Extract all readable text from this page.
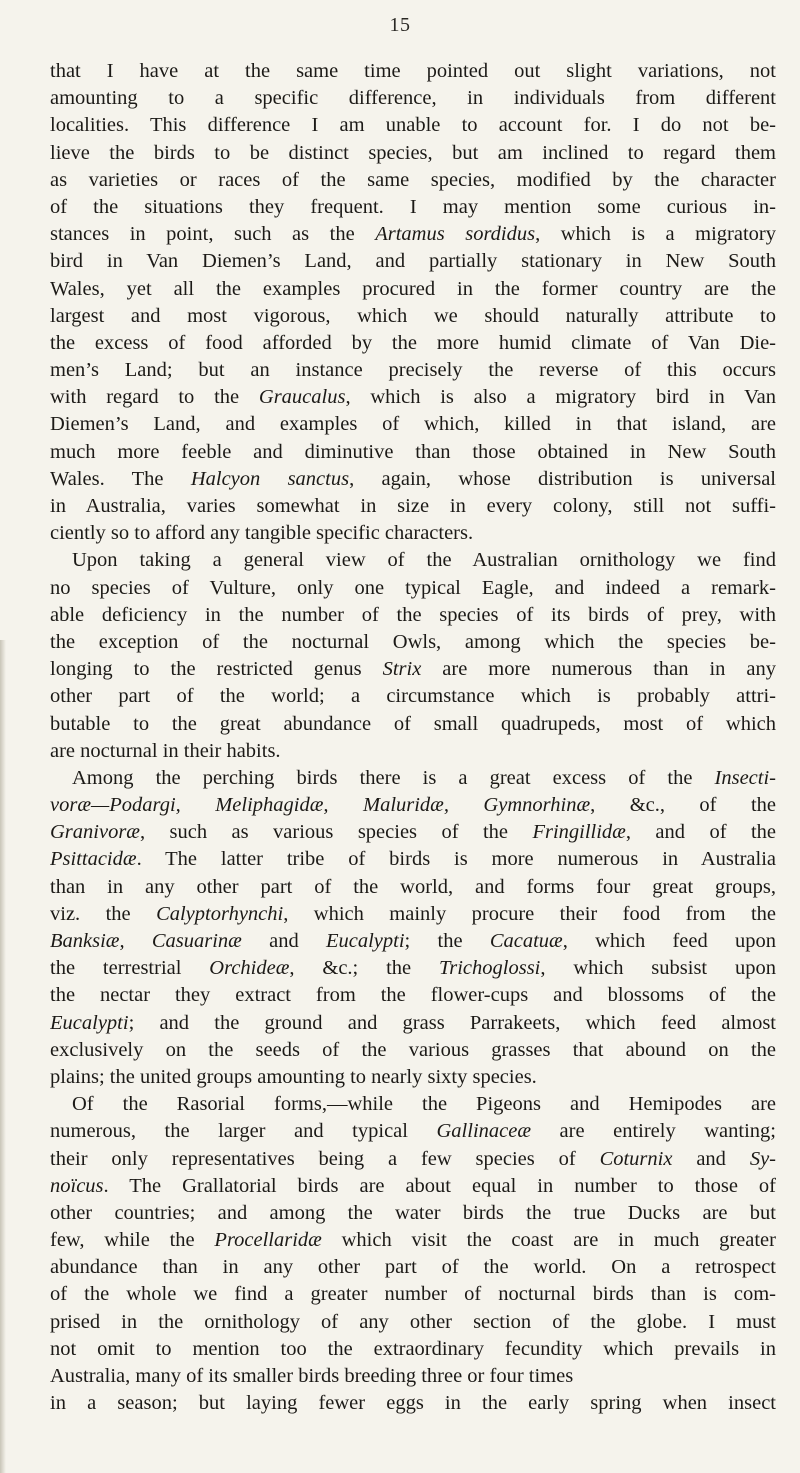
15
that I have at the same time pointed out slight variations, not
amounting to a specific difference, in individuals from different
localities. This difference I am unable to account for. I do not be-
lieve the birds to be distinct species, but am inclined to regard them
as varieties or races of the same species, modified by the character
of the situations they frequent. I may mention some curious in-
stances in point, such as the Artamus sordidus, which is a migratory
bird in Van Diemen’s Land, and partially stationary in New South
Wales, yet all the examples procured in the former country are the
largest and most vigorous, which we should naturally attribute to
the excess of food afforded by the more humid climate of Van Die-
men’s Land; but an instance precisely the reverse of this occurs
with regard to the Graucalus, which is also a migratory bird in Van
Diemen’s Land, and examples of which, killed in that island, are
much more feeble and diminutive than those obtained in New South
Wales. The Halcyon sanctus, again, whose distribution is universal
in Australia, varies somewhat in size in every colony, still not suffi-
ciently so to afford any tangible specific characters.
Upon taking a general view of the Australian ornithology we find
no species of Vulture, only one typical Eagle, and indeed a remark-
able deficiency in the number of the species of its birds of prey, with
the exception of the nocturnal Owls, among which the species be-
longing to the restricted genus Strix are more numerous than in any
other part of the world; a circumstance which is probably attri-
butable to the great abundance of small quadrupeds, most of which
are nocturnal in their habits.
Among the perching birds there is a great excess of the Insecti-
voræ—Podargi, Meliphagidæ, Maluridæ, Gymnorhinæ, &c., of the
Granivoræ, such as various species of the Fringillidæ, and of the
Psittacidæ. The latter tribe of birds is more numerous in Australia
than in any other part of the world, and forms four great groups,
viz. the Calyptorhynchi, which mainly procure their food from the
Banksiæ, Casuarinæ and Eucalypti; the Cacatuæ, which feed upon
the terrestrial Orchideæ, &c.; the Trichoglossi, which subsist upon
the nectar they extract from the flower-cups and blossoms of the
Eucalypti; and the ground and grass Parrakeets, which feed almost
exclusively on the seeds of the various grasses that abound on the
plains; the united groups amounting to nearly sixty species.
Of the Rasorial forms,—while the Pigeons and Hemipodes are
numerous, the larger and typical Gallinaceæ are entirely wanting;
their only representatives being a few species of Coturnix and Sy-
noïcus. The Grallatorial birds are about equal in number to those of
other countries; and among the water birds the true Ducks are but
few, while the Procellaridæ which visit the coast are in much greater
abundance than in any other part of the world. On a retrospect
of the whole we find a greater number of nocturnal birds than is com-
prised in the ornithology of any other section of the globe. I must
not omit to mention too the extraordinary fecundity which prevails in
Australia, many of its smaller birds breeding three or four times
in a season; but laying fewer eggs in the early spring when insect
